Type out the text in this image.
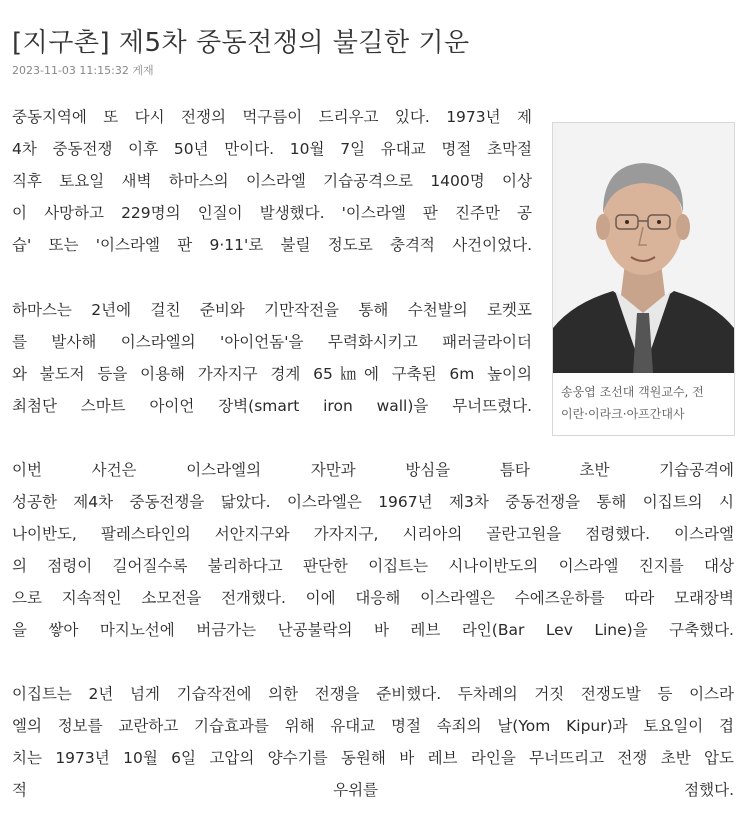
[지구촌] 제5차 중동전쟁의 불길한 기운
2023-11-03 11:15:32 게재

중동지역에 또 다시 전쟁의 먹구름이 드리우고 있다. 1973년 제
4차 중동전쟁 이후 50년 만이다. 10월 7일 유대교 명절 초막절
직후 토요일 새벽 하마스의 이스라엘 기습공격으로 1400명 이상
이 사망하고 229명의 인질이 발생했다. '이스라엘 판 진주만 공
습' 또는 '이스라엘 판 9·11'로 불릴 정도로 충격적 사건이었다.

하마스는 2년에 걸친 준비와 기만작전을 통해 수천발의 로켓포
를 발사해 이스라엘의 '아이언돔'을 무력화시키고 패러글라이더
와 불도저 등을 이용해 가자지구 경계 65㎞에 구축된 6m 높이의
최첨단 스마트 아이언 장벽(smart iron wall)을 무너뜨렸다.

이번 사건은 이스라엘의 자만과 방심을 틈타 초반 기습공격에
성공한 제4차 중동전쟁을 닮았다. 이스라엘은 1967년 제3차 중동전쟁을 통해 이집트의 시
나이반도, 팔레스타인의 서안지구와 가자지구, 시리아의 골란고원을 점령했다. 이스라엘
의 점령이 길어질수록 불리하다고 판단한 이집트는 시나이반도의 이스라엘 진지를 대상
으로 지속적인 소모전을 전개했다. 이에 대응해 이스라엘은 수에즈운하를 따라 모래장벽
을 쌓아 마지노선에 버금가는 난공불락의 바 레브 라인(Bar Lev Line)을 구축했다.

이집트는 2년 넘게 기습작전에 의한 전쟁을 준비했다. 두차례의 거짓 전쟁도발 등 이스라
엘의 정보를 교란하고 기습효과를 위해 유대교 명절 속죄의 날(Yom Kipur)과 토요일이 겹
치는 1973년 10월 6일 고압의 양수기를 동원해 바 레브 라인을 무너뜨리고 전쟁 초반 압도
적 우위를 점했다.

송웅엽 조선대 객원교수, 전
이란·이라크·아프간대사
